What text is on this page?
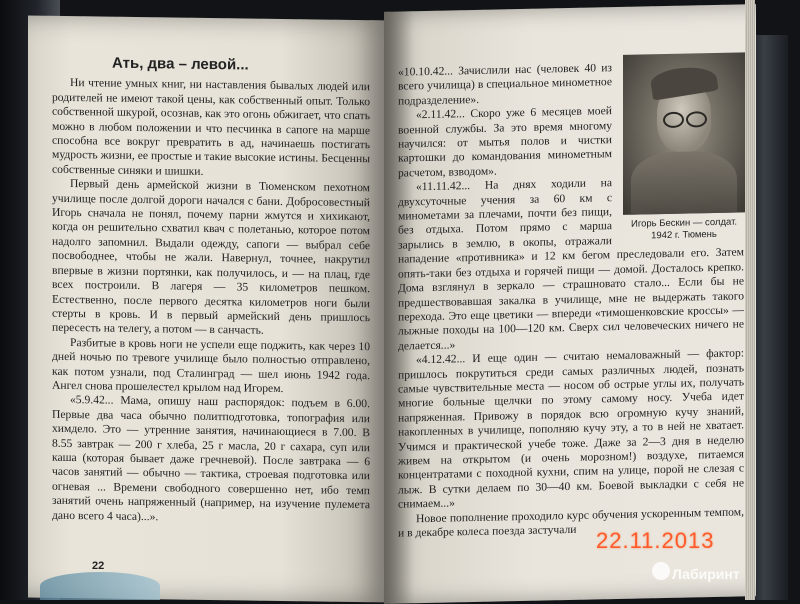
Ать, два – левой...

Ни чтение умных книг, ни наставления бывалых людей или родителей не имеют такой цены, как собственный опыт. Только собственной шкурой, осознав, как это огонь обжигает, что спать можно в любом положении и что песчинка в сапоге на марше способна все вокруг превратить в ад, начинаешь постигать мудрость жизни, ее простые и такие высокие истины. Бесценны собственные синяки и шишки.

Первый день армейской жизни в Тюменском пехотном училище после долгой дороги начался с бани. Добросовестный Игорь сначала не понял, почему парни жмутся и хихикают, когда он решительно схватил квач с полетанью, которое потом надолго запомнил. Выдали одежду, сапоги — выбрал себе посвободнее, чтобы не жали. Навернул, точнее, накрутил впервые в жизни портянки, как получилось, и — на плац, где всех построили. В лагеря — 35 километров пешком. Естественно, после первого десятка километров ноги были стерты в кровь. И в первый армейский день пришлось пересесть на телегу, а потом — в санчасть.

Разбитые в кровь ноги не успели еще поджить, как через 10 дней ночью по тревоге училище было полностью отправлено, как потом узнали, под Сталинград — шел июнь 1942 года. Ангел снова прошелестел крылом над Игорем.

«5.9.42... Мама, опишу наш распорядок: подъем в 6.00. Первые два часа обычно политподготовка, топография или химдело. Это — утренние занятия, начинающиеся в 7.00. В 8.55 завтрак — 200 г хлеба, 25 г масла, 20 г сахара, суп или каша (которая бывает даже гречневой). После завтрака — 6 часов занятий — обычно — тактика, строевая подготовка или огневая ... Времени свободного совершенно нет, ибо темп занятий очень напряженный (например, на изучение пулемета дано всего 4 часа)...».

Игорь Бескин — солдат.
1942 г. Тюмень

«10.10.42... Зачислили нас (человек 40 из всего училища) в специальное минометное подразделение».

«2.11.42... Скоро уже 6 месяцев моей военной службы. За это время многому научился: от мытья полов и чистки картошки до командования минометным расчетом, взводом».

«11.11.42... На днях ходили на двухсуточные учения за 60 км с минометами за плечами, почти без пищи, без отдыха. Потом прямо с марша зарылись в землю, в окопы, отражали нападение «противника» и 12 км бегом преследовали его. Затем опять-таки без отдыха и горячей пищи — домой. Досталось крепко. Дома взглянул в зеркало — страшновато стало... Если бы не предшествовавшая закалка в училище, мне не выдержать такого перехода. Это еще цветики — впереди «тимошенковские кроссы» — лыжные походы на 100—120 км. Сверх сил человеческих ничего не делается...»

«4.12.42... И еще один — считаю немаловажный — фактор: пришлось покрутиться среди самых различных людей, познать самые чувствительные места — носом об острые углы их, получать многие больные щелчки по этому самому носу. Учеба идет напряженная. Привожу в порядок всю огромную кучу знаний, накопленных в училище, пополняю кучу эту, а то в ней не хватает. Учимся и практической учебе тоже. Даже за 2—3 дня в неделю живем на открытом (и очень морозном!) воздухе, питаемся концентратами с походной кухни, спим на улице, порой не слезая с лыж. В сутки делаем по 30—40 км. Боевой выкладки с себя не снимаем...»

Новое пополнение проходило курс обучения ускоренным темпом, и в декабре колеса поезда застучали

22
22.11.2013
Лабиринт
